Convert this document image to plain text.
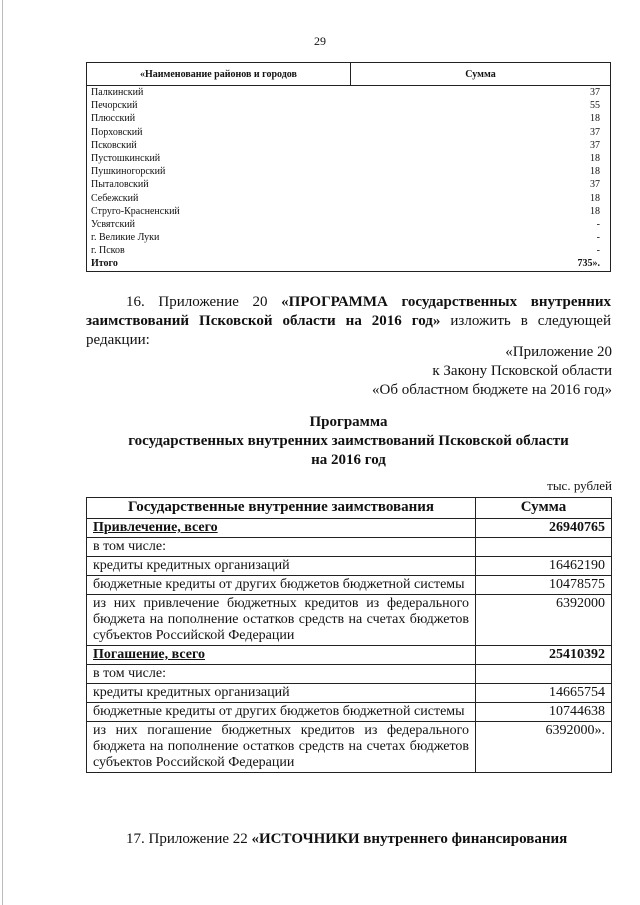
29
«Наименование районов и городов	Сумма
Палкинский	37
Печорский	55
Плюсский	18
Порховский	37
Псковский	37
Пустошкинский	18
Пушкиногорский	18
Пыталовский	37
Себежский	18
Струго-Красненский	18
Усвятский	-
г. Великие Луки	-
г. Псков	-
Итого	735».

16. Приложение 20 «ПРОГРАММА государственных внутренних заимствований Псковской области на 2016 год» изложить в следующей редакции:

«Приложение 20
к Закону Псковской области
«Об областном бюджете на 2016 год»
Программа
государственных внутренних заимствований Псковской области
на 2016 год
тыс. рублей
Государственные внутренние заимствования	Сумма
Привлечение, всего	26940765
в том числе:	
кредиты кредитных организаций	16462190
бюджетные кредиты от других бюджетов бюджетной системы	10478575
из них привлечение бюджетных кредитов из федерального бюджета на пополнение остатков средств на счетах бюджетов субъектов Российской Федерации	6392000
Погашение, всего	25410392
в том числе:	
кредиты кредитных организаций	14665754
бюджетные кредиты от других бюджетов бюджетной системы	10744638
из них погашение бюджетных кредитов из федерального бюджета на пополнение остатков средств на счетах бюджетов субъектов Российской Федерации	6392000».

17. Приложение 22 «ИСТОЧНИКИ внутреннего финансирования
